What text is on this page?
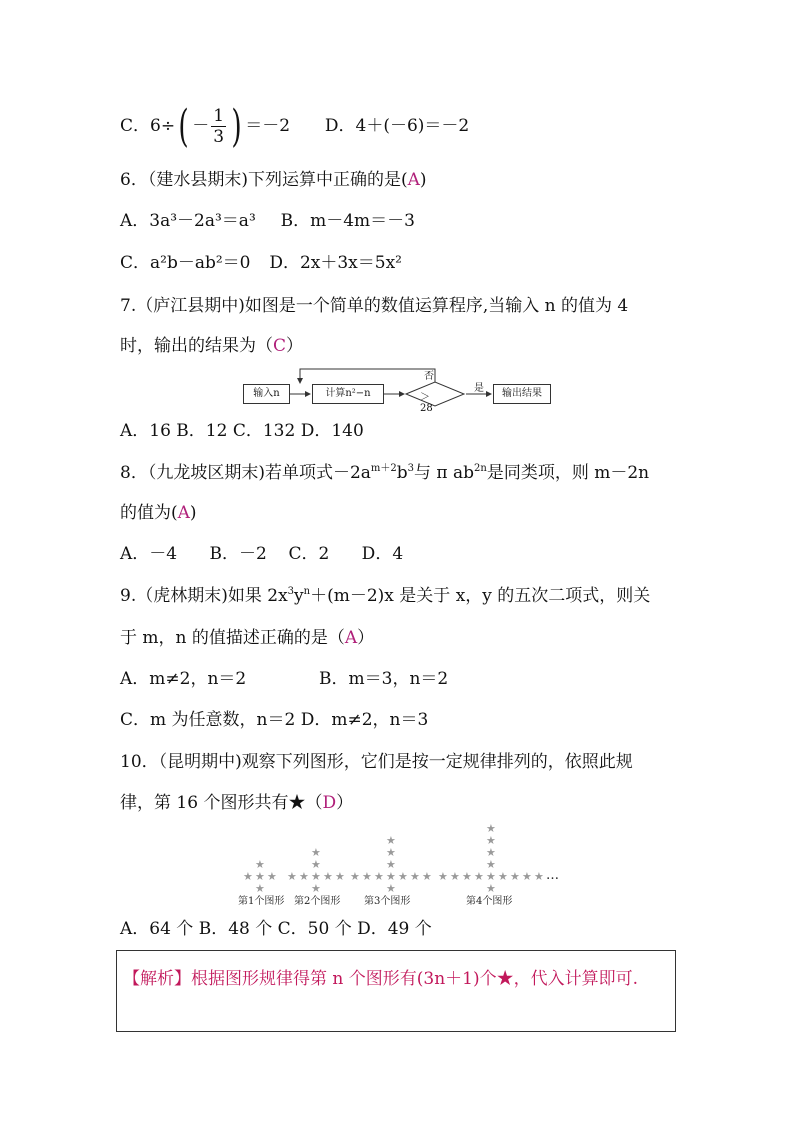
C．$6\div( - \frac{1}{3}$ ) ＝－2 D．4＋(－6)＝－2
6．（建水县期末)下列运算中正确的是(A)
A．3a³－2a³＝a³ B．m－4m＝－3
C．a²b－ab²＝0 D．2x＋3x＝5x²
7.（庐江县期中)如图是一个简单的数值运算程序,当输入 n 的值为 4
时，输出的结果为（C）
输入n	计算n²−n	＞28
否
是	输出结果
A．16 B．12 C．132 D．140
8．（九龙坡区期末)若单项式$-2a^{m+2}b^3$与 π $ab^{2n}$是同类项，则 m－2n
的值为(A)
A．－4      B．－2    C．2      D．4
9.（虎林期末)如果 $2x^3y^n+(m-2)x$ 是关于 x，y 的五次二项式，则关
于 m，n 的值描述正确的是（A）
A．m≠2，n＝2	B．m＝3，n＝2
C．m 为任意数，n＝2 D．m≠2，n＝3
10．（昆明期中)观察下列图形，它们是按一定规律排列的，依照此规
律，第 16 个图形共有★（D）
…
第1个图形 第2个图形 第3个图形	第4个图形
★ ★ ★
★
★
★ ★ ★ ★ ★
★
★
★
★ ★ ★ ★ ★ ★ ★
★
★
★
★
★ ★ ★ ★ ★ ★ ★ ★ ★
★
★
★
★
★
A．64 个 B．48 个 C．50 个 D．49 个
【解析】根据图形规律得第 n 个图形有(3n＋1)个★，代入计算即可.
